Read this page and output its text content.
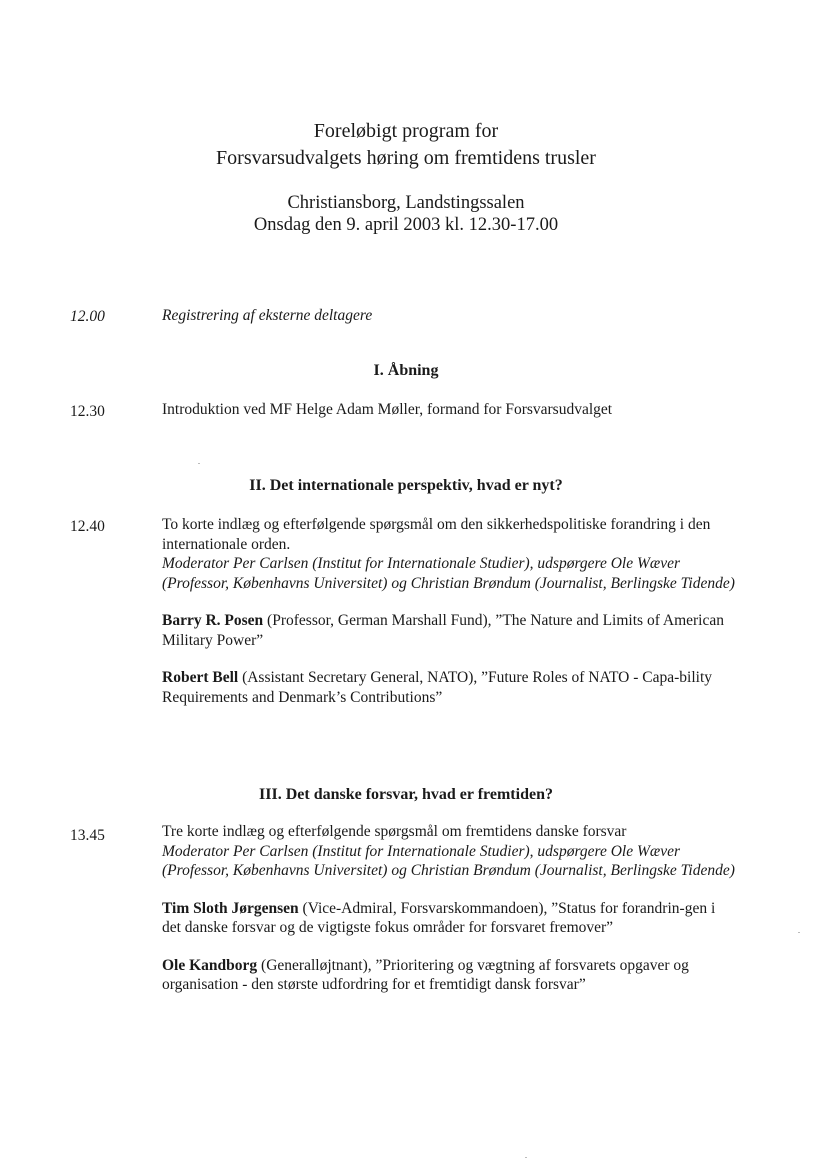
Foreløbigt program for
Forsvarsudvalgets høring om fremtidens trusler
Christiansborg, Landstingssalen
Onsdag den 9. april 2003 kl. 12.30-17.00
12.00	Registrering af eksterne deltagere
I. Åbning
12.30	Introduktion ved MF Helge Adam Møller, formand for Forsvarsudvalget
II. Det internationale perspektiv, hvad er nyt?
12.40	To korte indlæg og efterfølgende spørgsmål om den sikkerhedspolitiske forandring i den internationale orden.

Moderator Per Carlsen (Institut for Internationale Studier), udspørgere Ole Wæver (Professor, Københavns Universitet) og Christian Brøndum (Journalist, Berlingske Tidende)

Barry R. Posen (Professor, German Marshall Fund), ”The Nature and Limits of American Military Power”

Robert Bell (Assistant Secretary General, NATO), ”Future Roles of NATO - Capa-bility Requirements and Denmark’s Contributions”

III. Det danske forsvar, hvad er fremtiden?
13.45	Tre korte indlæg og efterfølgende spørgsmål om fremtidens danske forsvar

Moderator Per Carlsen (Institut for Internationale Studier), udspørgere Ole Wæver (Professor, Københavns Universitet) og Christian Brøndum (Journalist, Berlingske Tidende)

Tim Sloth Jørgensen (Vice-Admiral, Forsvarskommandoen), ”Status for forandrin-gen i det danske forsvar og de vigtigste fokus områder for forsvaret fremover”

Ole Kandborg (Generalløjtnant), ”Prioritering og vægtning af forsvarets opgaver og organisation - den største udfordring for et fremtidigt dansk forsvar”
